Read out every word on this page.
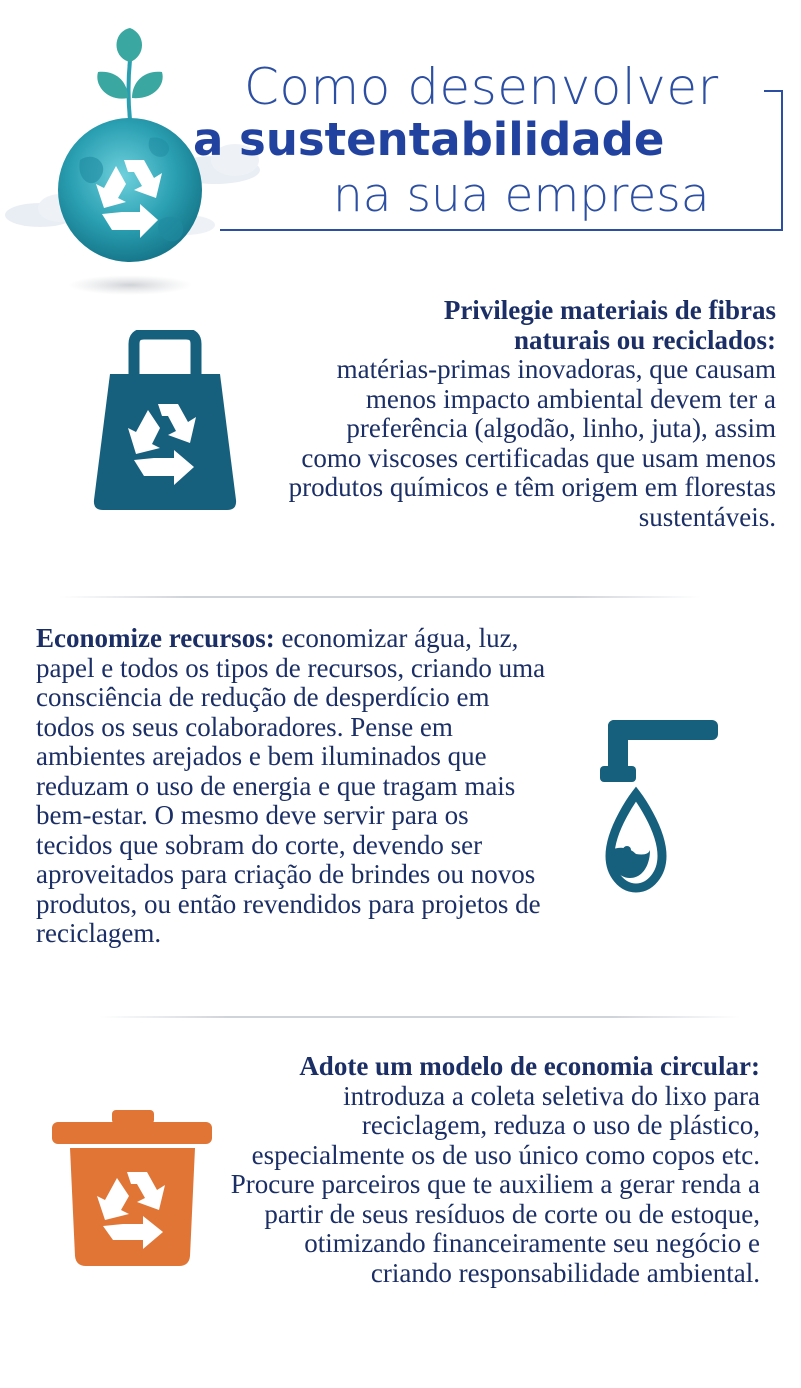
Como desenvolver
a sustentabilidade
na sua empresa
Privilegie materiais de fibras naturais ou reciclados:
matérias-primas inovadoras, que causam menos impacto ambiental devem ter a preferência (algodão, linho, juta), assim como viscoses certificadas que usam menos produtos químicos e têm origem em florestas sustentáveis.
Economize recursos: economizar água, luz, papel e todos os tipos de recursos, criando uma consciência de redução de desperdício em todos os seus colaboradores. Pense em ambientes arejados e bem iluminados que reduzam o uso de energia e que tragam mais bem-estar. O mesmo deve servir para os tecidos que sobram do corte, devendo ser aproveitados para criação de brindes ou novos produtos, ou então revendidos para projetos de reciclagem.
Adote um modelo de economia circular:
introduza a coleta seletiva do lixo para reciclagem, reduza o uso de plástico, especialmente os de uso único como copos etc. Procure parceiros que te auxiliem a gerar renda a partir de seus resíduos de corte ou de estoque, otimizando financeiramente seu negócio e criando responsabilidade ambiental.
